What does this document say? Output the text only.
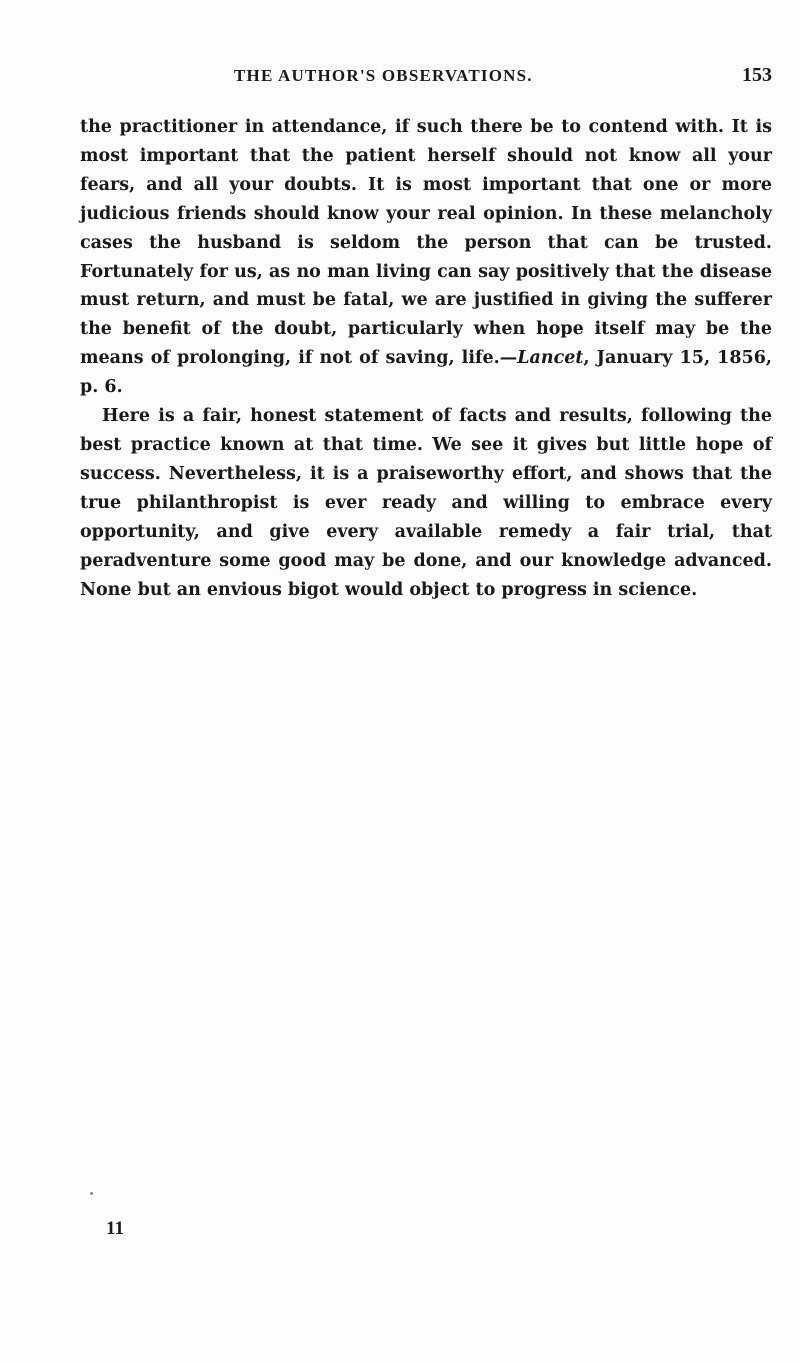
THE AUTHOR'S OBSERVATIONS.	153

the practitioner in attendance, if such there be to contend with. It is most important that the patient herself should not know all your fears, and all your doubts. It is most important that one or more judicious friends should know your real opinion. In these melancholy cases the husband is seldom the person that can be trusted. Fortunately for us, as no man living can say positively that the disease must return, and must be fatal, we are justified in giving the sufferer the benefit of the doubt, particularly when hope itself may be the means of prolonging, if not of saving, life.—Lancet, January 15, 1856, p. 6.

Here is a fair, honest statement of facts and results, following the best practice known at that time. We see it gives but little hope of success. Nevertheless, it is a praiseworthy effort, and shows that the true philanthropist is ever ready and willing to embrace every opportunity, and give every available remedy a fair trial, that peradventure some good may be done, and our knowledge advanced. None but an envious bigot would object to progress in science.

11
